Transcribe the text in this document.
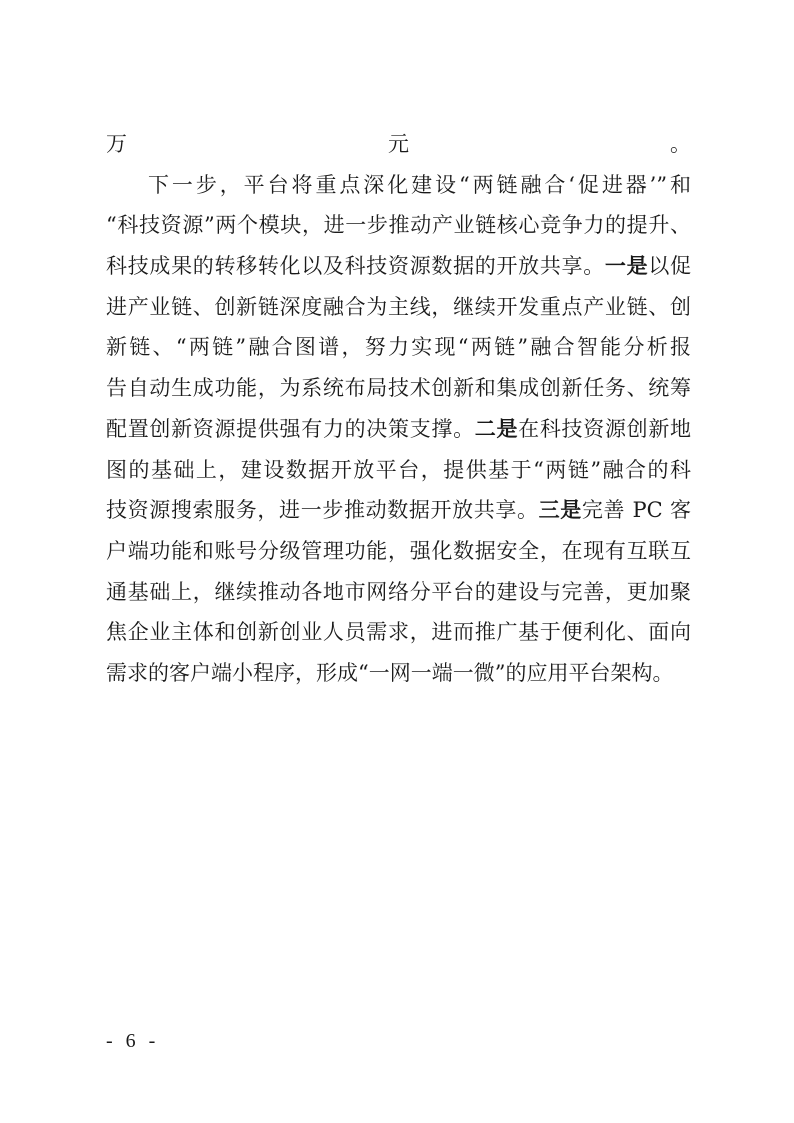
万元。
下一步，平台将重点深化建设“两链融合‘促进器’”和
“科技资源”两个模块，进一步推动产业链核心竞争力的提升、
科技成果的转移转化以及科技资源数据的开放共享。一是以促
进产业链、创新链深度融合为主线，继续开发重点产业链、创
新链、“两链”融合图谱，努力实现“两链”融合智能分析报
告自动生成功能，为系统布局技术创新和集成创新任务、统筹
配置创新资源提供强有力的决策支撑。二是在科技资源创新地
图的基础上，建设数据开放平台，提供基于“两链”融合的科
技资源搜索服务，进一步推动数据开放共享。三是完善 PC 客
户端功能和账号分级管理功能，强化数据安全，在现有互联互
通基础上，继续推动各地市网络分平台的建设与完善，更加聚
焦企业主体和创新创业人员需求，进而推广基于便利化、面向
需求的客户端小程序，形成“一网一端一微”的应用平台架构。
- 6 -
